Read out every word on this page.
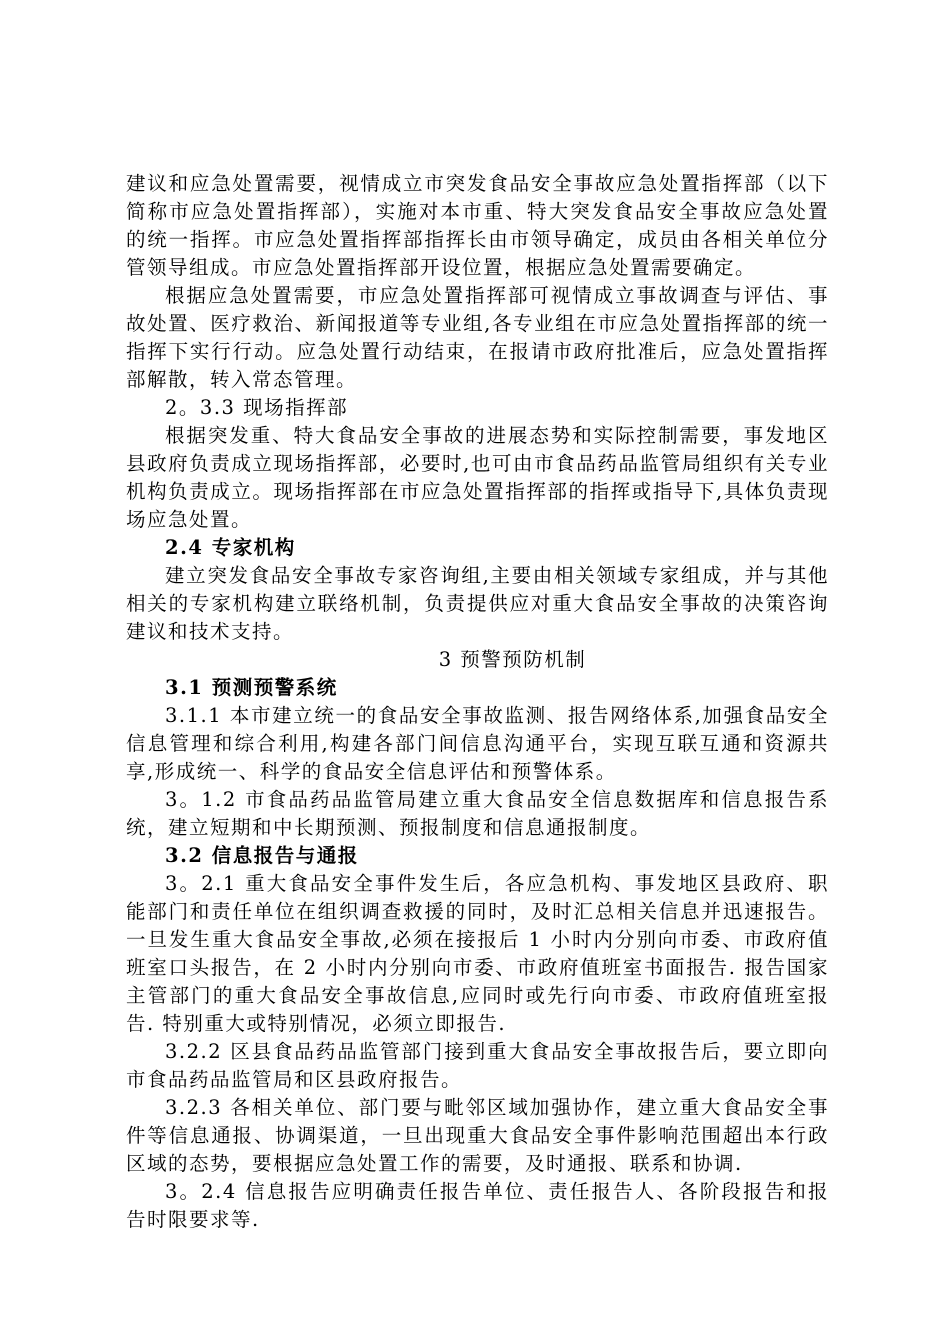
建议和应急处置需要，视情成立市突发食品安全事故应急处置指挥部（以下简称市应急处置指挥部），实施对本市重、特大突发食品安全事故应急处置的统一指挥。市应急处置指挥部指挥长由市领导确定，成员由各相关单位分管领导组成。市应急处置指挥部开设位置，根据应急处置需要确定。

根据应急处置需要，市应急处置指挥部可视情成立事故调查与评估、事故处置、医疗救治、新闻报道等专业组,各专业组在市应急处置指挥部的统一指挥下实行行动。应急处置行动结束，在报请市政府批准后，应急处置指挥部解散，转入常态管理。

2。3.3 现场指挥部

根据突发重、特大食品安全事故的进展态势和实际控制需要，事发地区县政府负责成立现场指挥部，必要时,也可由市食品药品监管局组织有关专业机构负责成立。现场指挥部在市应急处置指挥部的指挥或指导下,具体负责现场应急处置。

2.4 专家机构

建立突发食品安全事故专家咨询组,主要由相关领域专家组成，并与其他相关的专家机构建立联络机制，负责提供应对重大食品安全事故的决策咨询建议和技术支持。

3 预警预防机制

3.1 预测预警系统

3.1.1 本市建立统一的食品安全事故监测、报告网络体系,加强食品安全信息管理和综合利用,构建各部门间信息沟通平台，实现互联互通和资源共享,形成统一、科学的食品安全信息评估和预警体系。

3。1.2 市食品药品监管局建立重大食品安全信息数据库和信息报告系统，建立短期和中长期预测、预报制度和信息通报制度。

3.2 信息报告与通报

3。2.1 重大食品安全事件发生后，各应急机构、事发地区县政府、职能部门和责任单位在组织调查救援的同时，及时汇总相关信息并迅速报告。一旦发生重大食品安全事故,必须在接报后 1 小时内分别向市委、市政府值班室口头报告，在 2 小时内分别向市委、市政府值班室书面报告. 报告国家主管部门的重大食品安全事故信息,应同时或先行向市委、市政府值班室报告. 特别重大或特别情况，必须立即报告.

3.2.2 区县食品药品监管部门接到重大食品安全事故报告后，要立即向市食品药品监管局和区县政府报告。

3.2.3 各相关单位、部门要与毗邻区域加强协作，建立重大食品安全事件等信息通报、协调渠道，一旦出现重大食品安全事件影响范围超出本行政区域的态势，要根据应急处置工作的需要，及时通报、联系和协调.

3。2.4 信息报告应明确责任报告单位、责任报告人、各阶段报告和报告时限要求等.
